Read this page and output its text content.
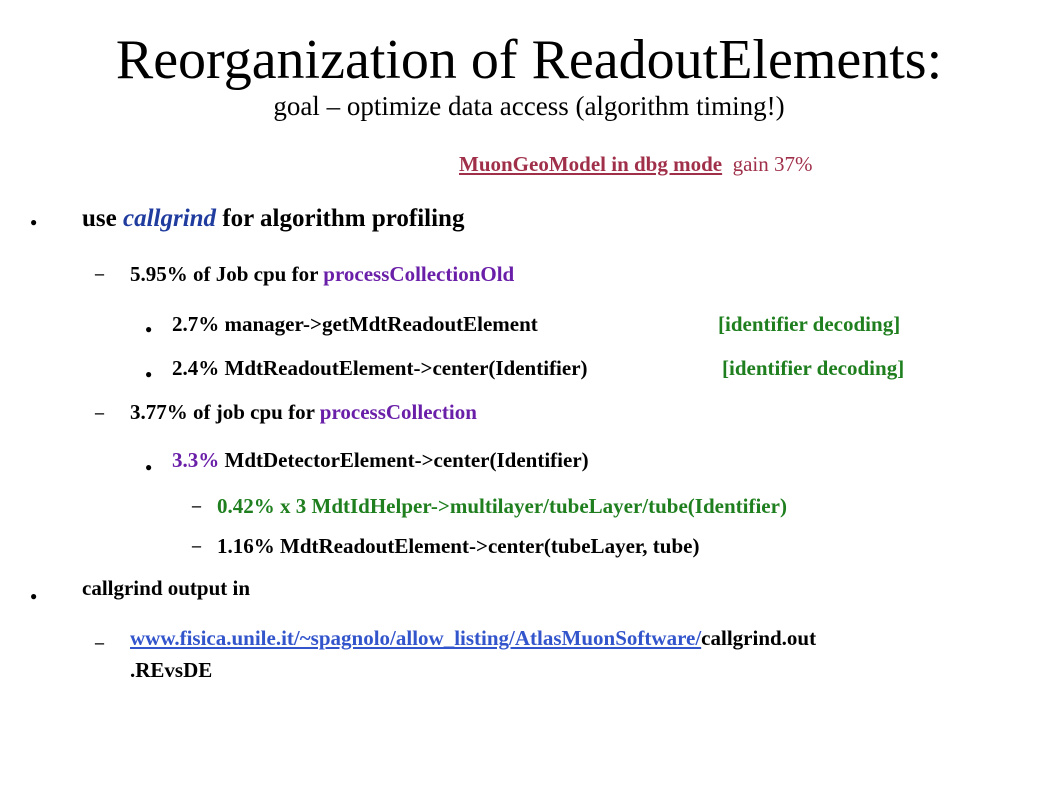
Reorganization of ReadoutElements:
goal – optimize data access (algorithm timing!)
MuonGeoModel in dbg mode gain 37%
● use callgrind for algorithm profiling
– 5.95% of Job cpu for processCollectionOld
● 2.7% manager->getMdtReadoutElement	[identifier decoding]
● 2.4% MdtReadoutElement->center(Identifier)	[identifier decoding]
– 3.77% of job cpu for processCollection
● 3.3% MdtDetectorElement->center(Identifier)
– 0.42% x 3 MdtIdHelper->multilayer/tubeLayer/tube(Identifier)
– 1.16% MdtReadoutElement->center(tubeLayer, tube)
● callgrind output in
– www.fisica.unile.it/~spagnolo/allow_listing/AtlasMuonSoftware/callgrind.out
.REvsDE
